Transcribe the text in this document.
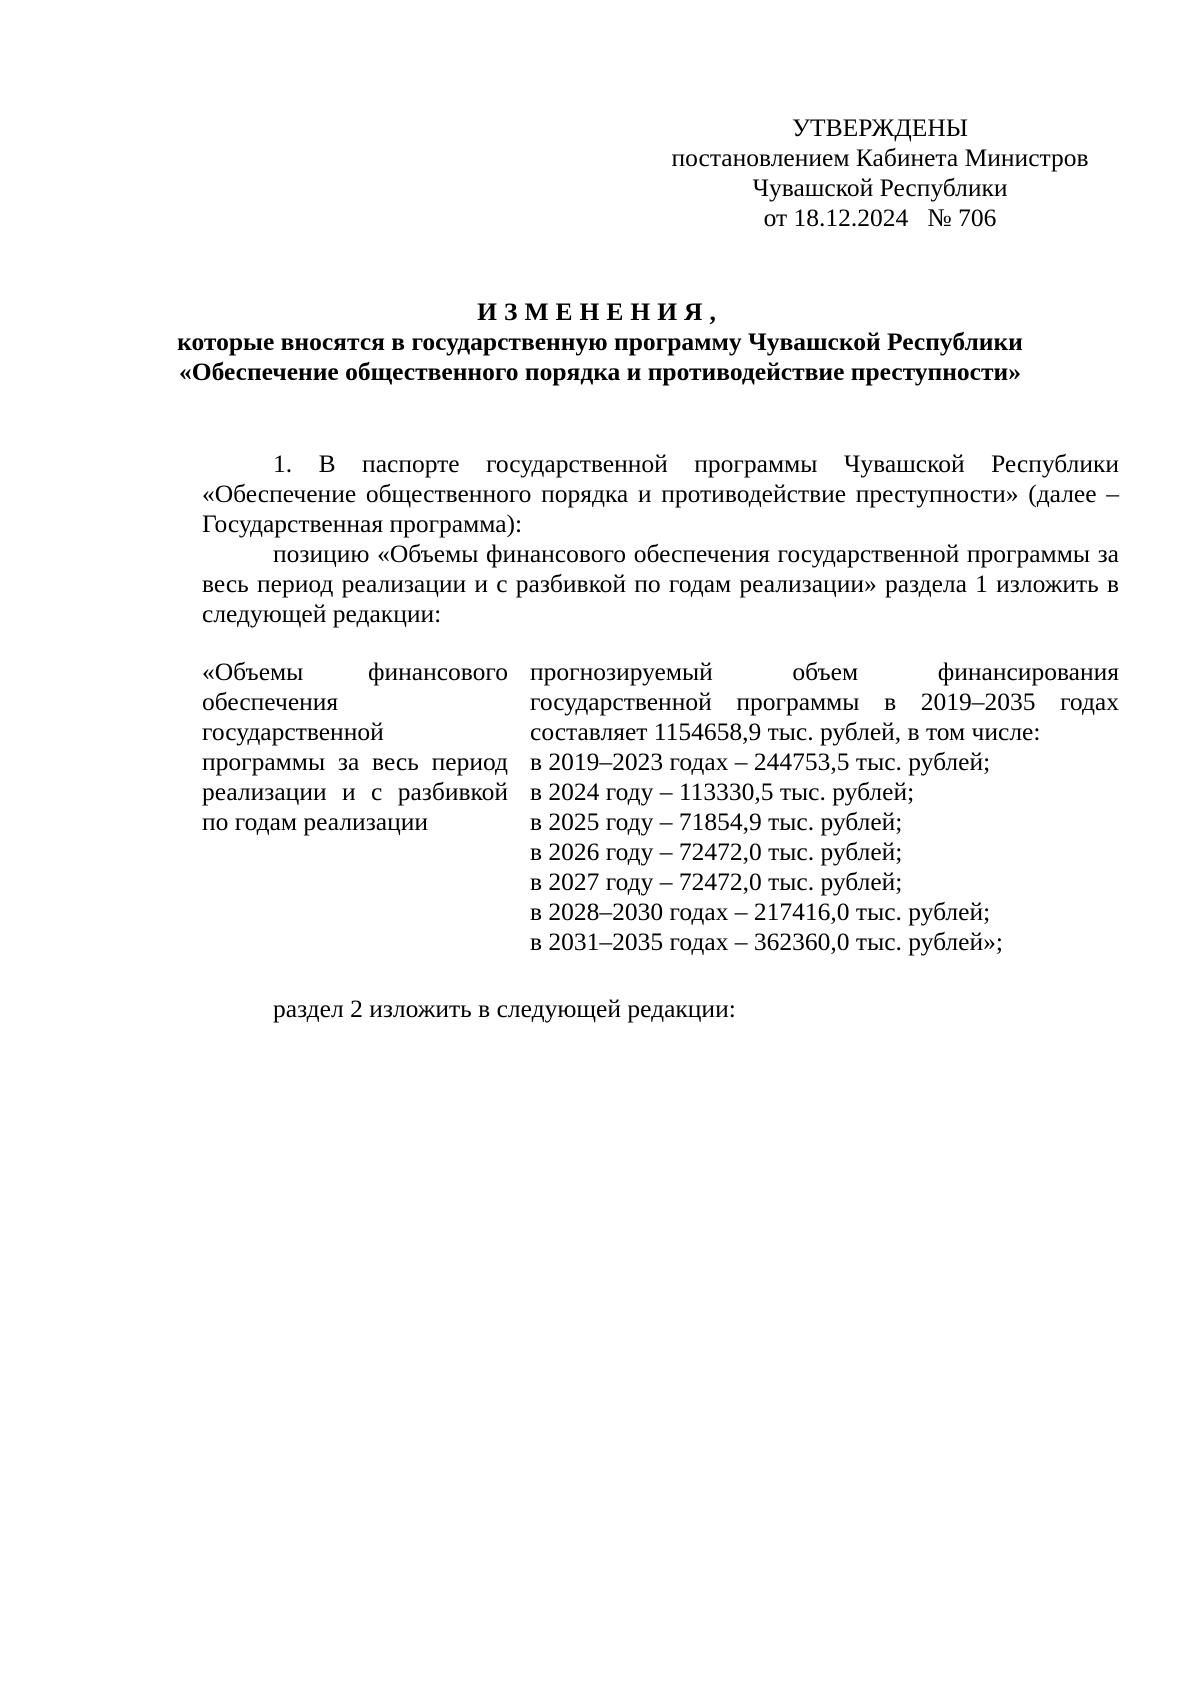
УТВЕРЖДЕНЫ
постановлением Кабинета Министров
Чувашской Республики
от 18.12.2024   № 706
ИЗМЕНЕНИЯ,
которые вносятся в государственную программу Чувашской Республики
«Обеспечение общественного порядка и противодействие преступности»
1. В паспорте государственной программы Чувашской Республики «Обеспечение общественного порядка и противодействие преступности» (далее – Государственная программа):
позицию «Объемы финансового обеспечения государственной программы за весь период реализации и с разбивкой по годам реализации» раздела 1 изложить в следующей редакции:
«Объемы финансового обеспечения государственной программы за весь период реализации и с разбивкой по годам реализации
прогнозируемый объем финансирования государственной программы в 2019–2035 годах составляет 1154658,9 тыс. рублей, в том числе:
в 2019–2023 годах – 244753,5 тыс. рублей;
в 2024 году – 113330,5 тыс. рублей;
в 2025 году – 71854,9 тыс. рублей;
в 2026 году – 72472,0 тыс. рублей;
в 2027 году – 72472,0 тыс. рублей;
в 2028–2030 годах – 217416,0 тыс. рублей;
в 2031–2035 годах – 362360,0 тыс. рублей»;
раздел 2 изложить в следующей редакции:
